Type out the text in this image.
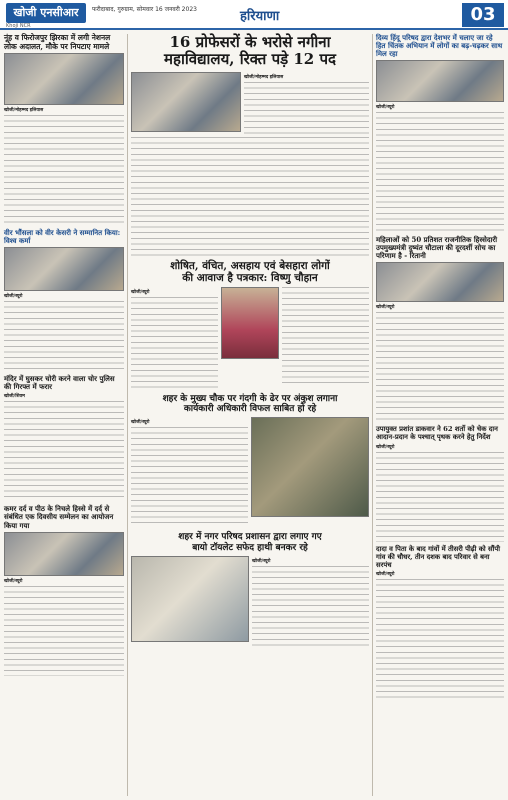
खोजी एनसीआर
Khoji NCR
फरीदाबाद, गुरुग्राम, सोमवार 16 जनवरी 2023	हरियाणा	03
नूंह व फिरोजपुर झिरका में लगी नेशनल लोक अदालत, मौके पर निपटाए मामले
खोजी/मोहम्मद इलियास
वीर भौंसला को वीर केसरी ने सम्मानित किया: विश्व कर्मा
खोजी/ब्यूरो
मंदिर में घुसकर चोरी करने वाला चोर पुलिस की गिरफ्त में फरार
खोजी/शिवम
कमर दर्द व पीठ के निचले हिस्से में दर्द से संबंधित एक दिवसीय सम्मेलन का आयोजन किया गया
खोजी/ब्यूरो
16 प्रोफेसरों के भरोसे नगीना
महाविद्यालय, रिक्त पड़े 12 पद
खोजी/मोहम्मद इलियास
शोषित, वंचित, असहाय एवं बेसहारा लोगों
की आवाज है पत्रकार: विष्णु चौहान
खोजी/ब्यूरो
शहर के मुख्य चौक पर गंदगी के ढेर पर अंकुश लगाना
कार्यकारी अधिकारी विफल साबित हो रहे
खोजी/ब्यूरो
शहर में नगर परिषद प्रशासन द्वारा लगाए गए
बायो टॉयलेट सफेद हाथी बनकर रहे
खोजी/ब्यूरो
दिव्य हिंदू परिषद द्वारा देशभर में चलाए जा रहे हित चिंतक अभियान में लोगों का बढ़-चढ़कर साथ मिल रहा
खोजी/ब्यूरो
महिलाओं को 50 प्रतिशत राजनीतिक हिस्सेदारी उपमुख्यमंत्री दुष्यंत चौटाला की दूरदर्शी सोच का परिणाम है - रितानी
खोजी/ब्यूरो
उपायुक्त प्रशांत डाकवार ने 62 शर्तो को चेक दान आदान-प्रदान के पश्चात् पृथक करने हेतु निर्देश
खोजी/ब्यूरो
दादा व पिता के बाद गांवों में तीसरी पीढ़ी को सौंपी गांव की चौधर, तीन दशक बाद परिवार से बना सरपंच
खोजी/ब्यूरो
